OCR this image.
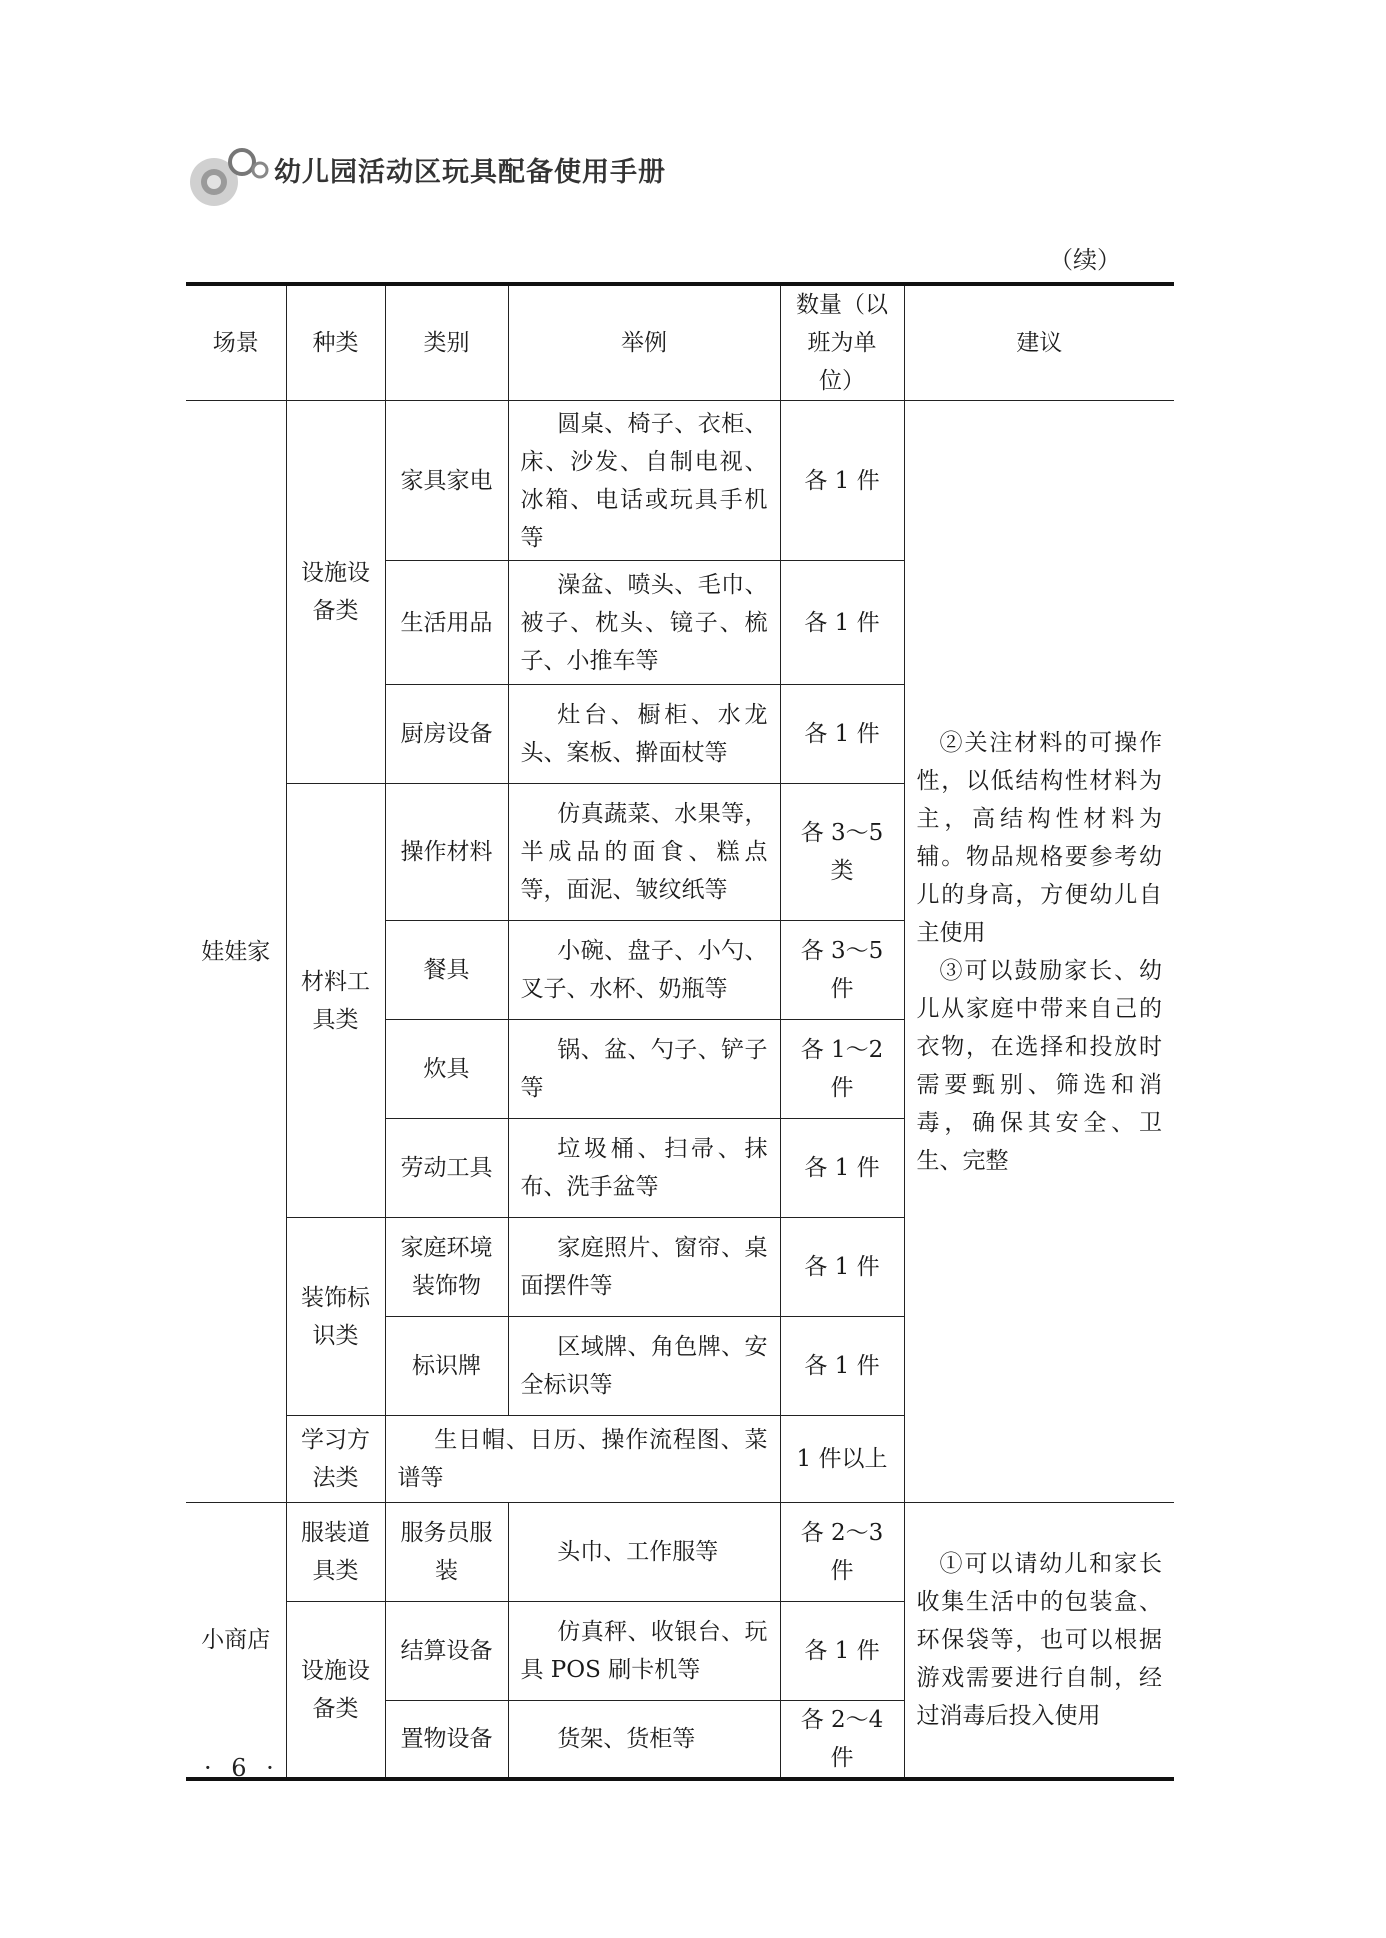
幼儿园活动区玩具配备使用手册
（续）
场景	种类	类别	举例	数量（以班为单位）	建议
娃娃家	设施设备类	家具家电	圆桌、椅子、衣柜、床、沙发、自制电视、冰箱、电话或玩具手机等	各 1 件	②关注材料的可操作性，以低结构性材料为主，高结构性材料为辅。物品规格要参考幼儿的身高，方便幼儿自主使用

③可以鼓励家长、幼儿从家庭中带来自己的衣物，在选择和投放时需要甄别、筛选和消毒，确保其安全、卫生、完整

		生活用品	澡盆、喷头、毛巾、被子、枕头、镜子、梳子、小推车等	各 1 件	
		厨房设备	灶台、橱柜、水龙头、案板、擀面杖等	各 1 件	
	材料工具类	操作材料	仿真蔬菜、水果等，半成品的面食、糕点等，面泥、皱纹纸等	各 3～5 类	
		餐具	小碗、盘子、小勺、叉子、水杯、奶瓶等	各 3～5 件	
		炊具	锅、盆、勺子、铲子等	各 1～2 件	
		劳动工具	垃圾桶、扫帚、抹布、洗手盆等	各 1 件	
	装饰标识类	家庭环境装饰物	家庭照片、窗帘、桌面摆件等	各 1 件	
		标识牌	区域牌、角色牌、安全标识等	各 1 件	
	学习方法类	生日帽、日历、操作流程图、菜谱等		1 件以上	
小商店	服装道具类	服务员服装	头巾、工作服等	各 2～3 件	①可以请幼儿和家长收集生活中的包装盒、环保袋等，也可以根据游戏需要进行自制，经过消毒后投入使用

	设施设备类	结算设备	仿真秤、收银台、玩具 POS 刷卡机等	各 1 件	
		置物设备	货架、货柜等	各 2～4 件	
· 6 ·
